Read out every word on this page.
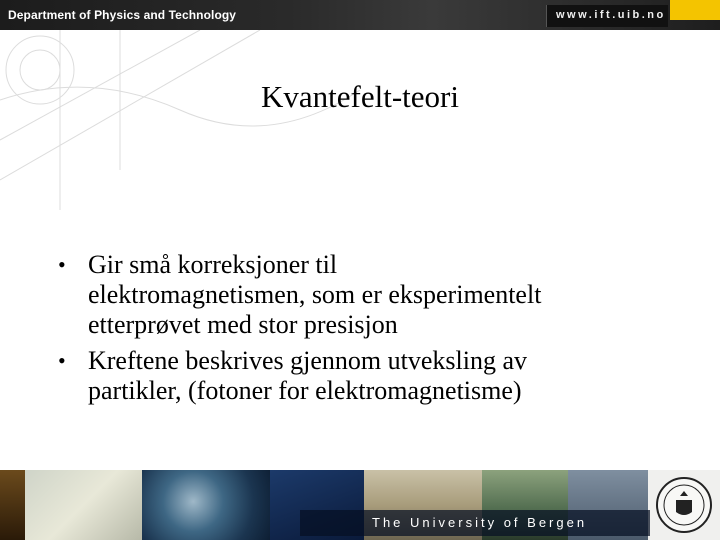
Department of Physics and Technology	www.ift.uib.no
Kvantefelt-teori
• Gir små korreksjoner til
elektromagnetismen, som er eksperimentelt
etterprøvet med stor presisjon
• Kreftene beskrives gjennom utveksling av
partikler, (fotoner for elektromagnetisme)
The University of Bergen
